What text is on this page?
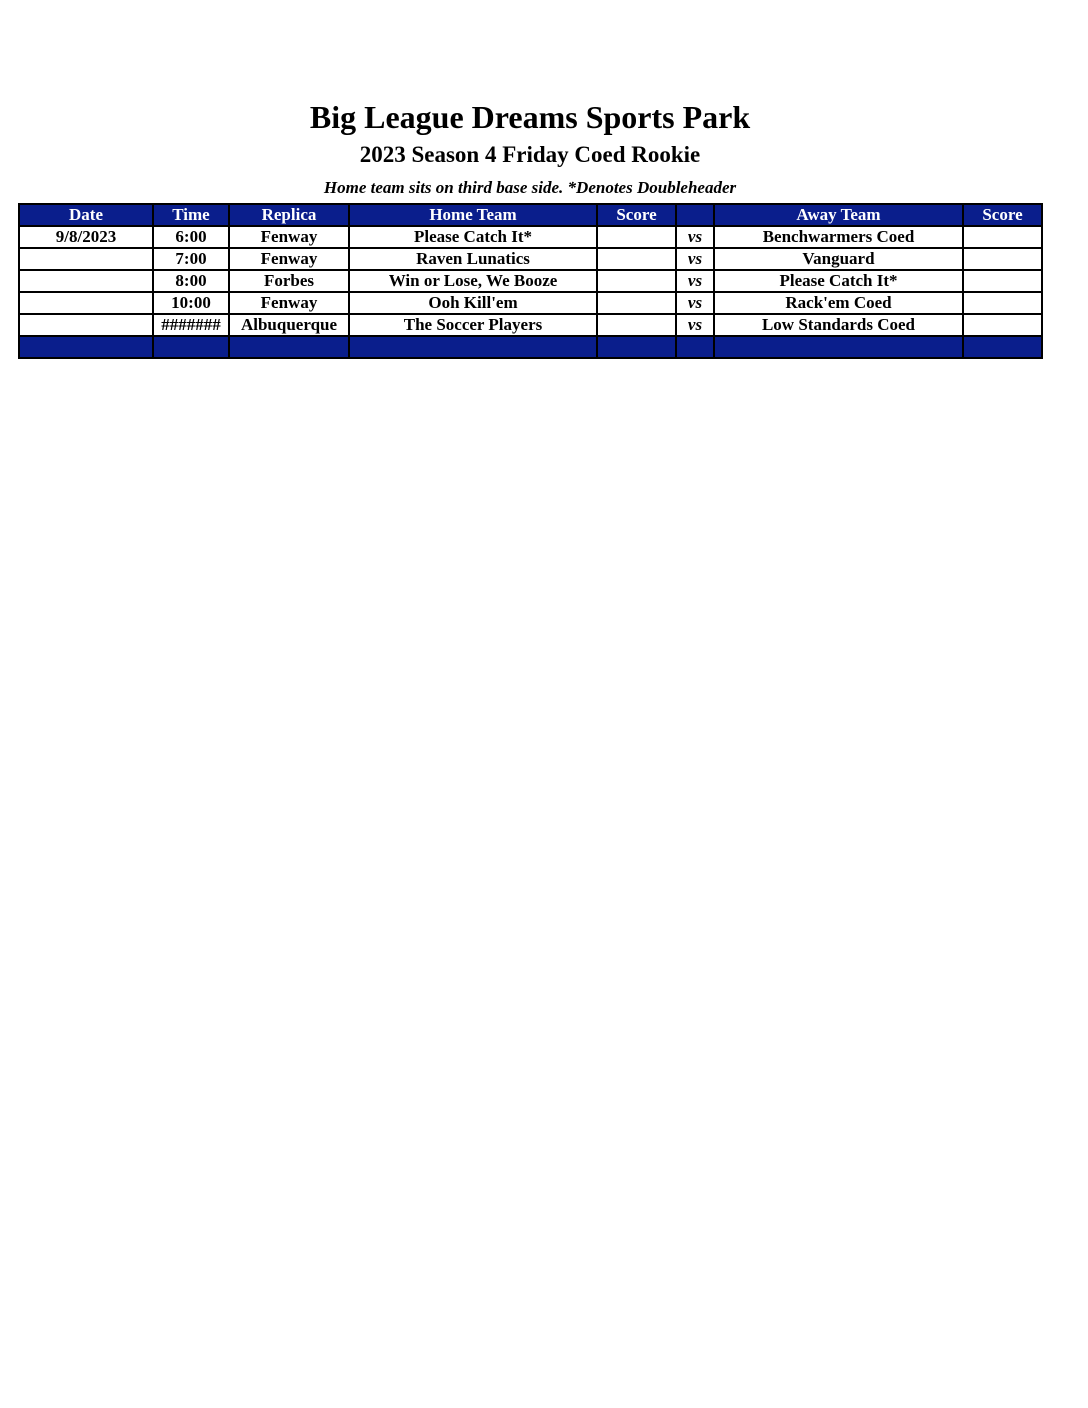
Big League Dreams Sports Park
2023 Season 4 Friday Coed Rookie
Home team sits on third base side. *Denotes Doubleheader
Date	Time	Replica	Home Team	Score		Away Team	Score
9/8/2023	6:00	Fenway	Please Catch It*		vs	Benchwarmers Coed	
	7:00	Fenway	Raven Lunatics		vs	Vanguard	
	8:00	Forbes	Win or Lose, We Booze		vs	Please Catch It*	
	10:00	Fenway	Ooh Kill'em		vs	Rack'em Coed	
	#######	Albuquerque	The Soccer Players		vs	Low Standards Coed	
